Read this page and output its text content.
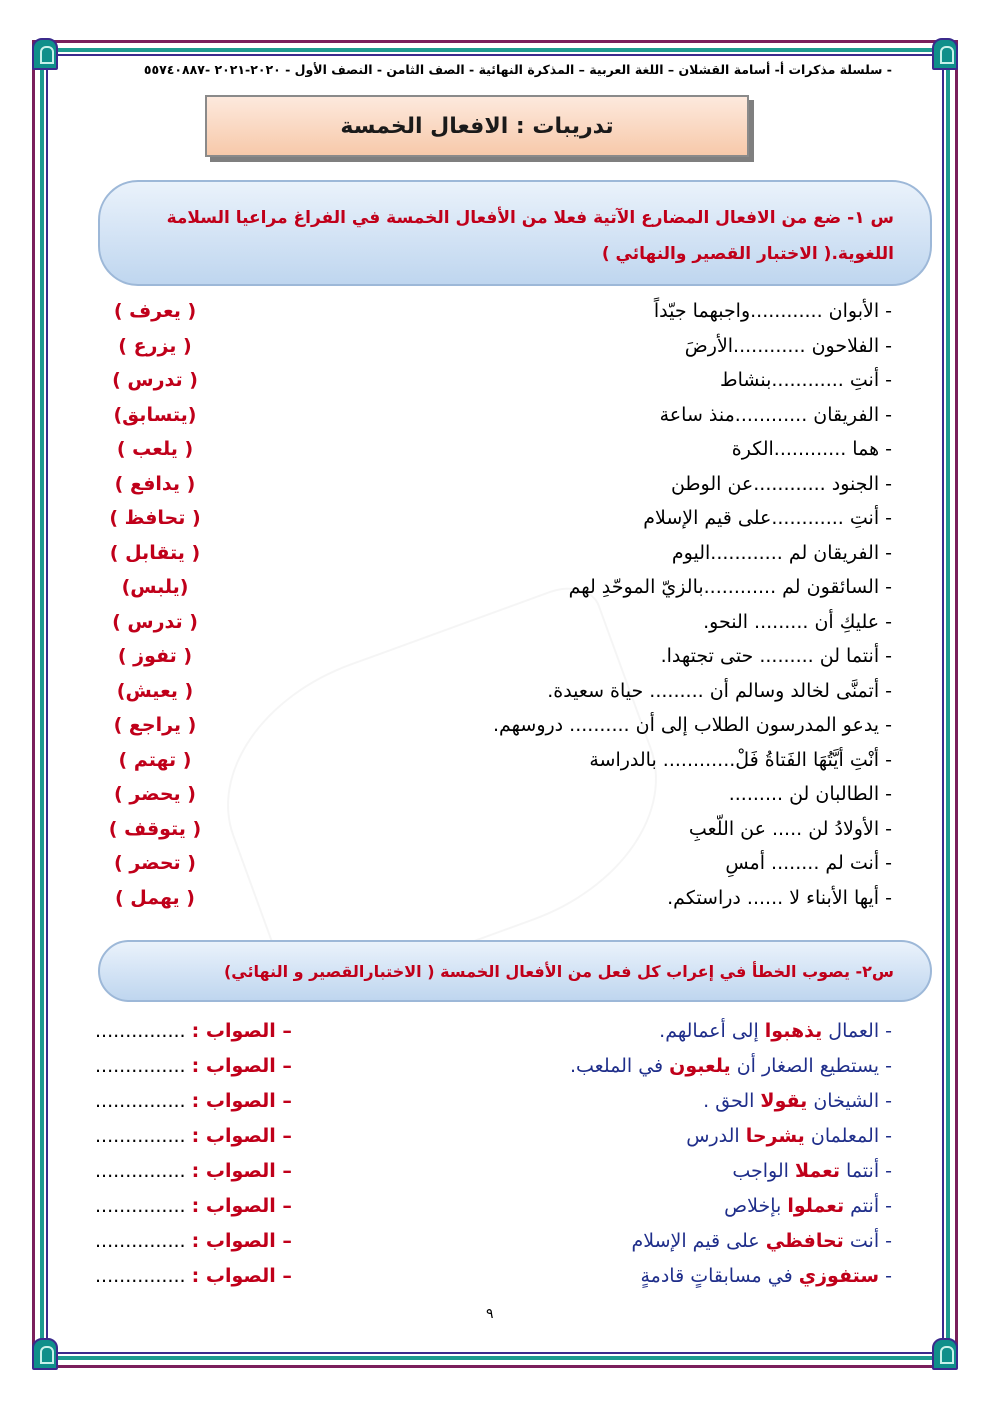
- سلسلة مذكرات أ- أسامة القشلان – اللغة العربية – المذكرة النهائية - الصف الثامن - النصف الأول - ٢٠٢٠-٢٠٢١ -٥٥٧٤٠٨٨٧
تدريبات : الافعال الخمسة
س ١- ضع من الافعال المضارع الآتية فعلا من الأفعال الخمسة في الفراغ مراعيا السلامة
اللغوية.( الاختبار القصير والنهائي )
- الأبوان ............واجبهما جيّداً
( يعرف )
- الفلاحون ............الأرضَ
( يزرع )
- أنتِ ............بنشاط
( تدرس )
- الفريقان ............منذ ساعة
(يتسابق)
- هما ............الكرة
( يلعب )
- الجنود ............عن الوطن
( يدافع )
- أنتِ ............على قيم الإسلام
( تحافظ )
- الفريقان لم ............اليوم
( يتقابل )
- السائقون لم ............بالزيّ الموحّدِ لهم
(يلبس)
- عليكِ أن ......... النحو.
( تدرس )
- أنتما لن ......... حتى تجتهدا.
( تفوز )
- أتمنَّى لخالد وسالم أن ......... حياة سعيدة.
( يعيش)
- يدعو المدرسون الطلاب إلى أن .......... دروسهم.
( يراجع )
- أنْتِ أيَّتُهَا الفَتاةُ فَلْ............ بالدراسة
( تهتم )
- الطالبان لن .........
( يحضر )
- الأولادُ لن ..... عن اللّعبِ
( يتوقف )
- أنت لم ........ أمسِ
( تحضر )
- أيها الأبناء لا ...... دراستكم.
( يهمل )
س٢- يصوب الخطأ في إعراب كل فعل من الأفعال الخمسة ( الاختبارالقصير و النهائي)
- العمال يذهبوا إلى أعمالهم.
– الصواب : ...............
- يستطيع الصغار أن يلعبون في الملعب.
– الصواب : ...............
- الشيخان يقولا الحق .
– الصواب : ...............
- المعلمان يشرحا الدرس
– الصواب : ...............
- أنتما تعملا الواجب
– الصواب : ...............
- أنتم تعملوا بإخلاص
– الصواب : ...............
- أنت تحافظي على قيم الإسلام
– الصواب : ...............
- ستفوزي في مسابقاتٍ قادمةٍ
– الصواب : ...............
٩
